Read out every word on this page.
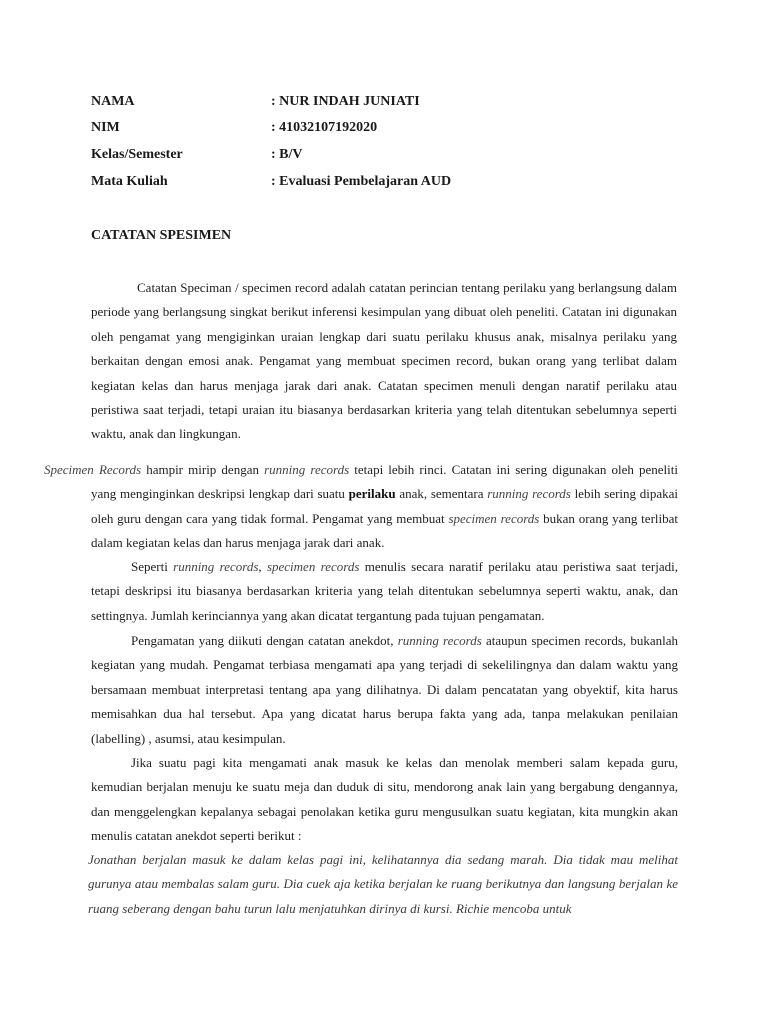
NAMA	: NUR INDAH JUNIATI
NIM	: 41032107192020
Kelas/Semester	: B/V
Mata Kuliah	: Evaluasi Pembelajaran AUD
CATATAN SPESIMEN

Catatan Speciman / specimen record adalah catatan perincian tentang perilaku yang berlangsung dalam periode yang berlangsung singkat berikut inferensi kesimpulan yang dibuat oleh peneliti. Catatan ini digunakan oleh pengamat yang mengiginkan uraian lengkap dari suatu perilaku khusus anak, misalnya perilaku yang berkaitan dengan emosi anak. Pengamat yang membuat specimen record, bukan orang yang terlibat dalam kegiatan kelas dan harus menjaga jarak dari anak. Catatan specimen menuli dengan naratif perilaku atau peristiwa saat terjadi, tetapi uraian itu biasanya berdasarkan kriteria yang telah ditentukan sebelumnya seperti waktu, anak dan lingkungan.

Specimen Records hampir mirip dengan running records tetapi lebih rinci. Catatan ini sering digunakan oleh peneliti yang menginginkan deskripsi lengkap dari suatu perilaku anak, sementara running records lebih sering dipakai oleh guru dengan cara yang tidak formal. Pengamat yang membuat specimen records bukan orang yang terlibat dalam kegiatan kelas dan harus menjaga jarak dari anak.

Seperti running records, specimen records menulis secara naratif perilaku atau peristiwa saat terjadi, tetapi deskripsi itu biasanya berdasarkan kriteria yang telah ditentukan sebelumnya seperti waktu, anak, dan settingnya. Jumlah kerinciannya yang akan dicatat tergantung pada tujuan pengamatan.

Pengamatan yang diikuti dengan catatan anekdot, running records ataupun specimen records, bukanlah kegiatan yang mudah. Pengamat terbiasa mengamati apa yang terjadi di sekelilingnya dan dalam waktu yang bersamaan membuat interpretasi tentang apa yang dilihatnya. Di dalam pencatatan yang obyektif, kita harus memisahkan dua hal tersebut. Apa yang dicatat harus berupa fakta yang ada, tanpa melakukan penilaian (labelling) , asumsi, atau kesimpulan.

Jika suatu pagi kita mengamati anak masuk ke kelas dan menolak memberi salam kepada guru, kemudian berjalan menuju ke suatu meja dan duduk di situ, mendorong anak lain yang bergabung dengannya, dan menggelengkan kepalanya sebagai penolakan ketika guru mengusulkan suatu kegiatan, kita mungkin akan menulis catatan anekdot seperti berikut :

Jonathan berjalan masuk ke dalam kelas pagi ini, kelihatannya dia sedang marah. Dia tidak mau melihat gurunya atau membalas salam guru. Dia cuek aja ketika berjalan ke ruang berikutnya dan langsung berjalan ke ruang seberang dengan bahu turun lalu menjatuhkan dirinya di kursi. Richie mencoba untuk
